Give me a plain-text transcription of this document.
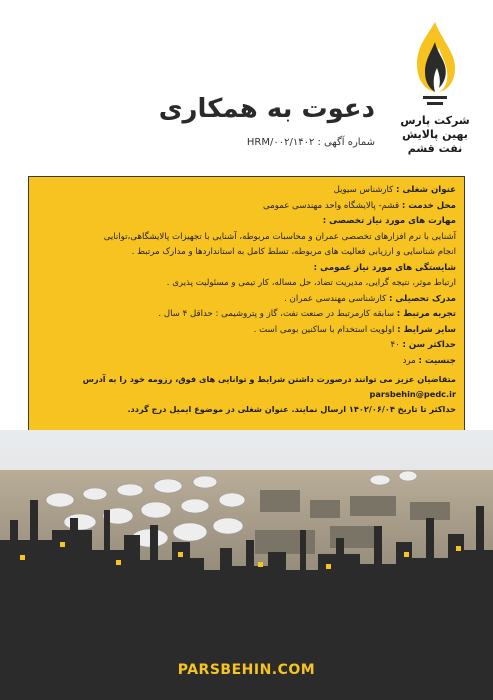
شرکت پارس
بهین پالایش
نفت قشم
دعوت به همکاری
شماره آگهی : ۱۴۰۲/HRM/۰۰۲

عنوان شغلی : کارشناس سیویل

محل خدمت : قشم- پالایشگاه واحد مهندسی عمومی

مهارت های مورد نیاز تخصصی :

آشنایی با نرم افزارهای تخصصی عمران و محاسبات مربوطه، آشنایی با تجهیزات پالایشگاهی،توانایی

انجام شناسایی و ارزیابی فعالیت های مربوطه، تسلط کامل به استانداردها و مدارک مرتبط .

شایستگی های مورد نیاز عمومی :

ارتباط موثر، نتیجه گرایی، مدیریت تضاد، حل مساله، کار تیمی و مسئولیت پذیری .

مدرک تحصیلی : کارشناسی مهندسی عمران .

تجربه مرتبط : سابقه کارمرتبط در صنعت نفت، گاز و پتروشیمی : حداقل ۴ سال .

سایر شرایط : اولویت استخدام با ساکنین بومی است .

حداکثر سن : ۴۰

جنسیت : مرد

متقاضیان عزیز می توانند درصورت داشتن شرایط و توانایی های فوق، رزومه خود را به آدرس parsbehin@pedc.ir
حداکثر تا تاریخ ۱۴۰۲/۰۶/۰۴ ارسال نمایند. عنوان شغلی در موضوع ایمیل درج گردد.
PARSBEHIN.COM
